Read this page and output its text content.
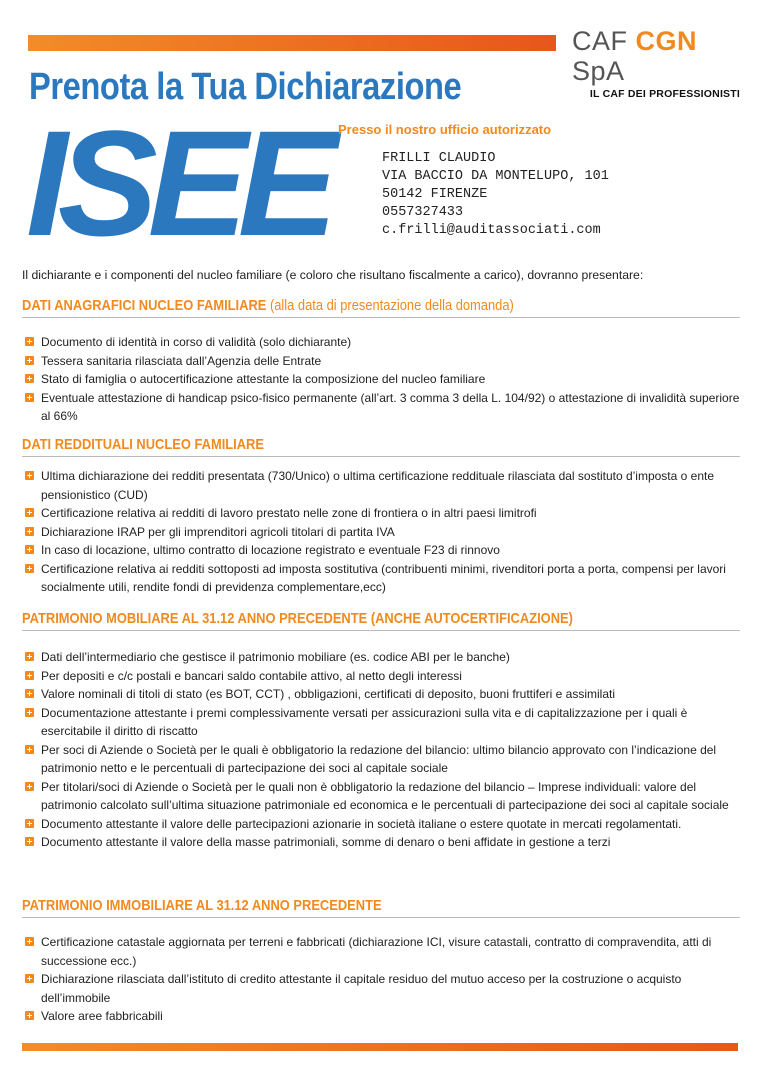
CAF CGN SpA
IL CAF DEI PROFESSIONISTI
Prenota la Tua Dichiarazione
ISEE Presso il nostro ufficio autorizzato
FRILLI CLAUDIO
VIA BACCIO DA MONTELUPO, 101
50142 FIRENZE
0557327433
c.frilli@auditassociati.com
Il dichiarante e i componenti del nucleo familiare (e coloro che risultano fiscalmente a carico), dovranno presentare:
DATI ANAGRAFICI NUCLEO FAMILIARE (alla data di presentazione della domanda)
Documento di identità in corso di validità (solo dichiarante)
Tessera sanitaria rilasciata dall’Agenzia delle Entrate
Stato di famiglia o autocertificazione attestante la composizione del nucleo familiare
Eventuale attestazione di handicap psico-fisico permanente (all’art. 3 comma 3 della L. 104/92) o attestazione di invalidità superiore al 66%
DATI REDDITUALI NUCLEO FAMILIARE
Ultima dichiarazione dei redditi presentata (730/Unico) o ultima certificazione reddituale rilasciata dal sostituto d’imposta o ente pensionistico (CUD)
Certificazione relativa ai redditi di lavoro prestato nelle zone di frontiera o in altri paesi limitrofi
Dichiarazione IRAP per gli imprenditori agricoli titolari di partita IVA
In caso di locazione, ultimo contratto di locazione registrato e eventuale F23 di rinnovo
Certificazione relativa ai redditi sottoposti ad imposta sostitutiva (contribuenti minimi, rivenditori porta a porta, compensi per lavori socialmente utili, rendite fondi di previdenza complementare,ecc)
PATRIMONIO MOBILIARE AL 31.12 ANNO PRECEDENTE (ANCHE AUTOCERTIFICAZIONE)
Dati dell’intermediario che gestisce il patrimonio mobiliare (es. codice ABI per le banche)
Per depositi e c/c postali e bancari saldo contabile attivo, al netto degli interessi
Valore nominali di titoli di stato (es BOT, CCT) , obbligazioni, certificati di deposito, buoni fruttiferi e assimilati
Documentazione attestante i premi complessivamente versati per assicurazioni sulla vita e di capitalizzazione per i quali è esercitabile il diritto di riscatto
Per soci di Aziende o Società per le quali è obbligatorio la redazione del bilancio: ultimo bilancio approvato con l’indicazione del patrimonio netto e le percentuali di partecipazione dei soci al capitale sociale
Per titolari/soci di Aziende o Società per le quali non è obbligatorio la redazione del bilancio – Imprese individuali: valore del patrimonio calcolato sull’ultima situazione patrimoniale ed economica e le percentuali di partecipazione dei soci al capitale sociale
Documento attestante il valore delle partecipazioni azionarie in società italiane o estere quotate in mercati regolamentati.
Documento attestante il valore della masse patrimoniali, somme di denaro o beni affidate in gestione a terzi
PATRIMONIO IMMOBILIARE AL 31.12 ANNO PRECEDENTE
Certificazione catastale aggiornata per terreni e fabbricati (dichiarazione ICI, visure catastali, contratto di compravendita, atti di successione ecc.)
Dichiarazione rilasciata dall’istituto di credito attestante il capitale residuo del mutuo acceso per la costruzione o acquisto dell’immobile
Valore aree fabbricabili
